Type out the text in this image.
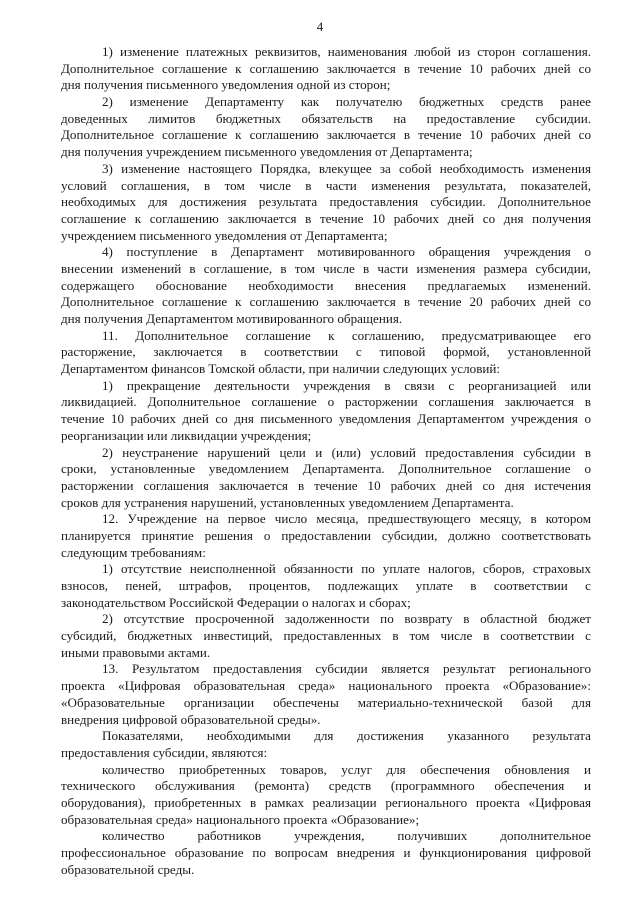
4
1) изменение платежных реквизитов, наименования любой из сторон соглашения.
Дополнительное соглашение к соглашению заключается в течение 10 рабочих дней со
дня получения письменного уведомления одной из сторон;
2) изменение Департаменту как получателю бюджетных средств ранее
доведенных лимитов бюджетных обязательств на предоставление субсидии.
Дополнительное соглашение к соглашению заключается в течение 10 рабочих дней со
дня получения учреждением письменного уведомления от Департамента;
3) изменение настоящего Порядка, влекущее за собой необходимость изменения
условий соглашения, в том числе в части изменения результата, показателей,
необходимых для достижения результата предоставления субсидии. Дополнительное
соглашение к соглашению заключается в течение 10 рабочих дней со дня получения
учреждением письменного уведомления от Департамента;
4) поступление в Департамент мотивированного обращения учреждения о
внесении изменений в соглашение, в том числе в части изменения размера субсидии,
содержащего обоснование необходимости внесения предлагаемых изменений.
Дополнительное соглашение к соглашению заключается в течение 20 рабочих дней со
дня получения Департаментом мотивированного обращения.
11. Дополнительное соглашение к соглашению, предусматривающее его
расторжение, заключается в соответствии с типовой формой, установленной
Департаментом финансов Томской области, при наличии следующих условий:
1) прекращение деятельности учреждения в связи с реорганизацией или
ликвидацией. Дополнительное соглашение о расторжении соглашения заключается в
течение 10 рабочих дней со дня письменного уведомления Департаментом учреждения о
реорганизации или ликвидации учреждения;
2) неустранение нарушений цели и (или) условий предоставления субсидии в
сроки, установленные уведомлением Департамента. Дополнительное соглашение о
расторжении соглашения заключается в течение 10 рабочих дней со дня истечения
сроков для устранения нарушений, установленных уведомлением Департамента.
12. Учреждение на первое число месяца, предшествующего месяцу, в котором
планируется принятие решения о предоставлении субсидии, должно соответствовать
следующим требованиям:
1) отсутствие неисполненной обязанности по уплате налогов, сборов, страховых
взносов, пеней, штрафов, процентов, подлежащих уплате в соответствии с
законодательством Российской Федерации о налогах и сборах;
2) отсутствие просроченной задолженности по возврату в областной бюджет
субсидий, бюджетных инвестиций, предоставленных в том числе в соответствии с
иными правовыми актами.
13. Результатом предоставления субсидии является результат регионального
проекта «Цифровая образовательная среда» национального проекта «Образование»:
«Образовательные организации обеспечены материально-технической базой для
внедрения цифровой образовательной среды».
Показателями, необходимыми для достижения указанного результата
предоставления субсидии, являются:
количество приобретенных товаров, услуг для обеспечения обновления и
технического обслуживания (ремонта) средств (программного обеспечения и
оборудования), приобретенных в рамках реализации регионального проекта «Цифровая
образовательная среда» национального проекта «Образование»;
количество работников учреждения, получивших дополнительное
профессиональное образование по вопросам внедрения и функционирования цифровой
образовательной среды.
